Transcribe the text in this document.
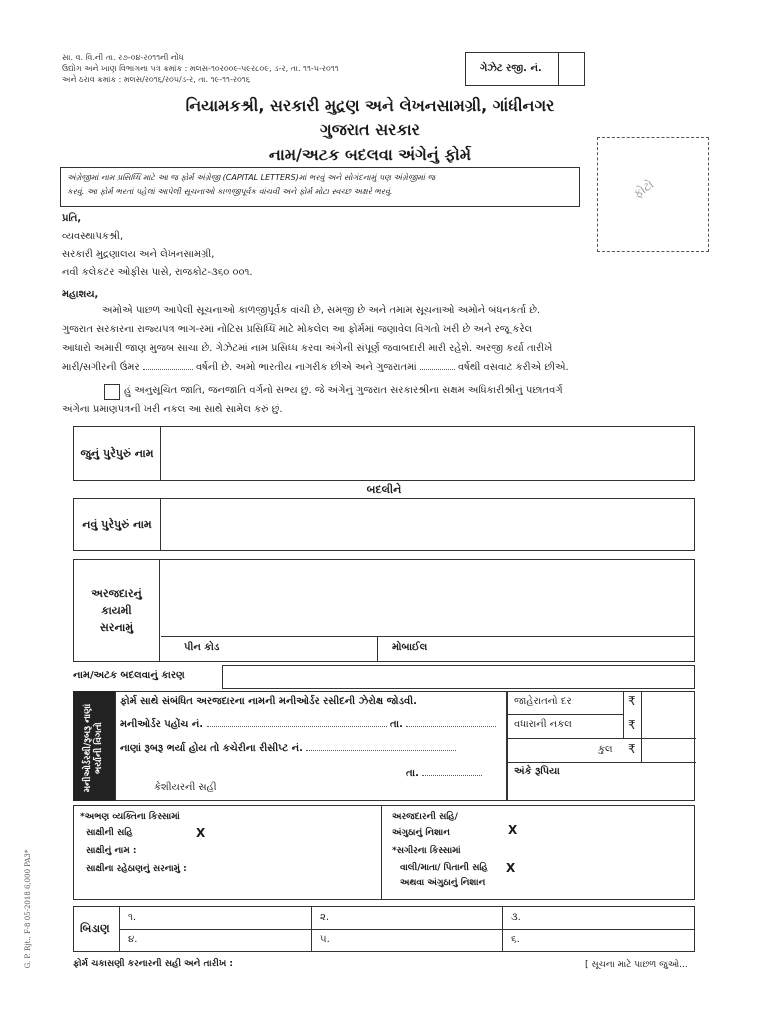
સા. વ. વિ.ની તા. ર૭-૦૪-ર૦૧૧ની નોંધ
ઉદ્યોગ અને ખાણ વિભાગના પત્ર ક્રમાંક : મલસ-૧૦ર૦૦૯-પ૯ર૮૦૯, ડ-ર, તા. ૧૧-૫-ર૦૧૧
અને ઠરાવ ક્રમાંક : મલસ/ર૦૧૬/ર૦૫/ડ-ર, તા. ૧૯-૧૧-ર૦૧૬
ગેઝેટ રજી. નં.
નિયામકશ્રી, સરકારી મુદ્રણ અને લેખનસામગ્રી, ગાંધીનગર
ગુજરાત સરકાર
નામ/અટક બદલવા અંગેનું ફોર્મ
ફોટો
અંગ્રેજીમાં નામ પ્રસિધ્ધિ માટે આ જ ફોર્મ અંગ્રેજી (CAPITAL LETTERS)માં ભરવું અને સોગંદનામું પણ અંગ્રેજીમાં જ
કરવું. આ ફોર્મ ભરતાં પહેલાં આપેલી સૂચનાઓ કાળજીપૂર્વક વાંચવી અને ફોર્મ મોટા સ્વચ્છ અક્ષરે ભરવું.
પ્રતિ,
વ્યવસ્થાપકશ્રી,
સરકારી મુદ્રણાલય અને લેખનસામગ્રી,
નવી કલેકટર ઓફીસ પાસે, રાજકોટ-૩૬૦ ૦૦૧.
મહાશય,
અમોએ પાછળ આપેલી સૂચનાઓ કાળજીપૂર્વક વાંચી છે, સમજી છે અને તમામ સૂચનાઓ અમોને બંધનકર્તા છે.
ગુજરાત સરકારના રાજ્યપત્ર ભાગ-રમાં નોટિસ પ્રસિધ્ધિ માટે મોકલેલ આ ફોર્મમાં જણાવેલ વિગતો ખરી છે અને રજૂ કરેલ
આધારો અમારી જાણ મુજબ સાચા છે. ગેઝેટમાં નામ પ્રસિધ્ધ કરવા અંગેની સંપૂર્ણ જવાબદારી મારી રહેશે. અરજી કર્યા તારીખે
મારી/સગીરની ઉંમર	વર્ષની છે. અમો ભારતીય નાગરીક છીએ અને ગુજરાતમાં	વર્ષથી વસવાટ કરીએ છીએ.
હું અનુસૂચિત જાતિ, જનજાતિ વર્ગનો સભ્ય છું. જે અંગેનું ગુજરાત સરકારશ્રીના સક્ષમ અધિકારીશ્રીનું પછાતવર્ગ
અંગેના પ્રમાણપત્રની ખરી નકલ આ સાથે સામેલ કરું છું.
જુનું પુરેપુરું નામ
બદલીને
નવું પુરેપુરું નામ
અરજદારનું કાયમી સરનામું
પીન કોડ	મોબાઈલ
નામ/અટક બદલવાનું કારણ
મનીઓર્ડરથી/રૂબરૂ નાણાં ભર્યાની વિગતો
ફોર્મ સાથે સંબંધિત અરજદારના નામની મનીઓર્ડર રસીદની ઝેરોક્ષ જોડવી.
મનીઓર્ડર પહોંચ નં.	તા.
નાણાં રૂબરૂ ભર્યા હોય તો કચેરીના રીસીપ્ટ નં.
તા.
કેશીયરની સહી
જાહેરાતનો દર	₹
વધારાની નકલ	₹
કુલ ₹
અંકે રૂપિયા
*અભણ વ્યક્તિના કિસ્સામાં
સાક્ષીની સહિ	X
સાક્ષીનું નામ :
સાક્ષીના રહેઠાણનું સરનામું :
અરજદારની સહિ/
અંગુઠાનું નિશાન	X
*સગીરના કિસ્સામાં
વાલી/માતા/ પિતાની સહિ X
અથવા અંગુઠાનું નિશાન
બિડાણ
૧.	૨.	૩.
૪.	૫.	૬.
ફોર્મ ચકાસણી કરનારની સહી અને તારીખ :	[ સૂચના માટે પાછળ જુઓ...
G. P. Rjt., F-8 05-2018 6,000 PA3*
